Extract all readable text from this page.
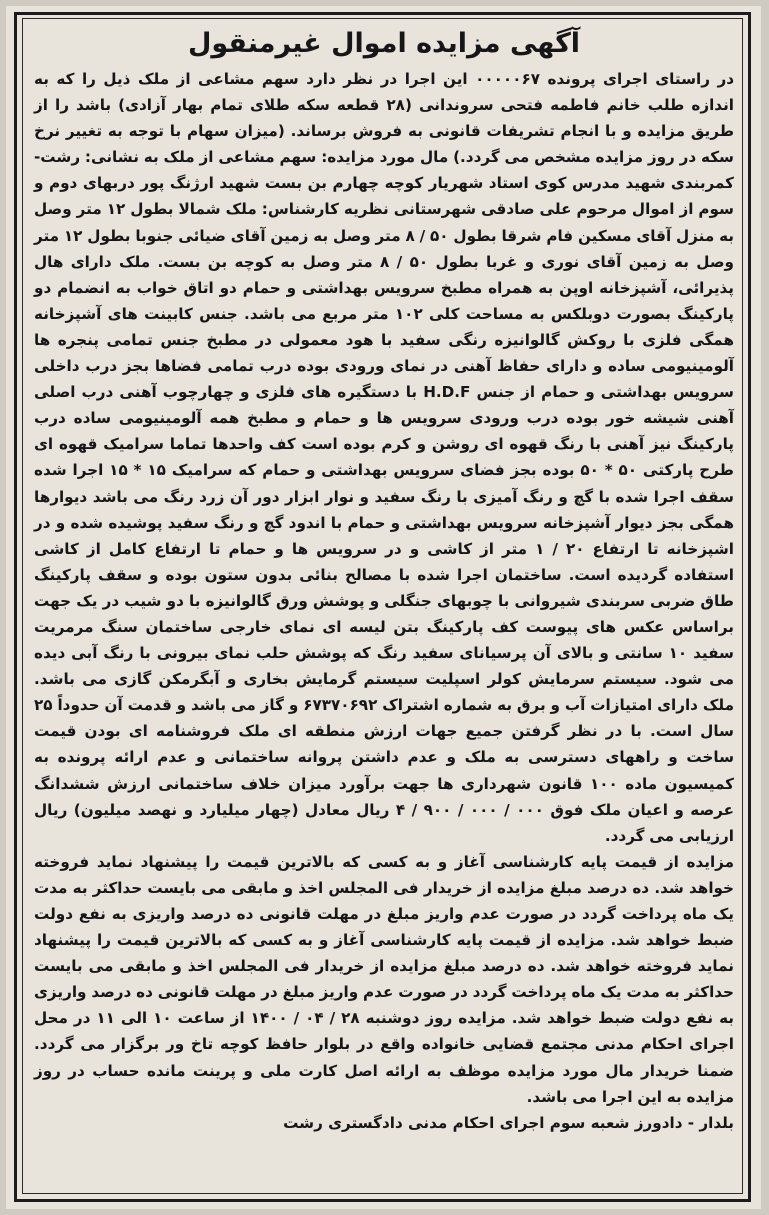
آگهی مزایده اموال غیرمنقول

در راستای اجرای پرونده ۰۰۰۰۰۶۷ این اجرا در نظر دارد سهم مشاعی از ملک ذیل را که به اندازه طلب خانم فاطمه فتحی سروندانی (۲۸ قطعه سکه طلای تمام بهار آزادی) باشد را از طریق مزایده و با انجام تشریفات قانونی به فروش برساند. (میزان سهام با توجه به تغییر نرخ سکه در روز مزایده مشخص می گردد.) مال مورد مزایده: سهم مشاعی از ملک به نشانی: رشت- کمربندی شهید مدرس کوی استاد شهریار کوچه چهارم بن بست شهید ارژنگ پور دربهای دوم و سوم از اموال مرحوم علی صادقی شهرستانی نظریه کارشناس: ملک شمالا بطول ۱۲ متر وصل به منزل آقای مسکین فام شرقا بطول ۵۰ / ۸ متر وصل به زمین آقای ضیائی جنوبا بطول ۱۲ متر وصل به زمین آقای نوری و غربا بطول ۵۰ / ۸ متر وصل به کوچه بن بست. ملک دارای هال پذیرائی، آشپزخانه اوپن به همراه مطبخ سرویس بهداشتی و حمام دو اتاق خواب به انضمام دو پارکینگ بصورت دوبلکس به مساحت کلی ۱۰۲ متر مربع می باشد. جنس کابینت های آشپزخانه همگی فلزی با روکش گالوانیزه رنگی سفید با هود معمولی در مطبخ جنس تمامی پنجره ها آلومینیومی ساده و دارای حفاظ آهنی در نمای ورودی بوده درب تمامی فضاها بجز درب داخلی سرویس بهداشتی و حمام از جنس H.D.F با دستگیره های فلزی و چهارچوب آهنی درب اصلی آهنی شیشه خور بوده درب ورودی سرویس ها و حمام و مطبخ همه آلومینیومی ساده درب پارکینگ نیز آهنی با رنگ قهوه ای روشن و کرم بوده است کف واحدها تماما سرامیک قهوه ای طرح پارکتی ۵۰ * ۵۰ بوده بجز فضای سرویس بهداشتی و حمام که سرامیک ۱۵ * ۱۵ اجرا شده سقف اجرا شده با گچ و رنگ آمیزی با رنگ سفید و نوار ابزار دور آن زرد رنگ می باشد دیوارها همگی بجز دیوار آشپزخانه سرویس بهداشتی و حمام با اندود گچ و رنگ سفید پوشیده شده و در اشپزخانه تا ارتفاع ۲۰ / ۱ متر از کاشی و در سرویس ها و حمام تا ارتفاع کامل از کاشی استفاده گردیده است. ساختمان اجرا شده با مصالح بنائی بدون ستون بوده و سقف پارکینگ طاق ضربی سربندی شیروانی با چوبهای جنگلی و پوشش ورق گالوانیزه با دو شیب در یک جهت براساس عکس های پیوست کف پارکینگ بتن لیسه ای نمای خارجی ساختمان سنگ مرمریت سفید ۱۰ سانتی و بالای آن پرسیانای سفید رنگ که پوشش حلب نمای بیرونی با رنگ آبی دیده می شود. سیستم سرمایش کولر اسپلیت سیستم گرمایش بخاری و آبگرمکن گازی می باشد. ملک دارای امتیازات آب و برق به شماره اشتراک ۶۷۳۷۰۶۹۲ و گاز می باشد و قدمت آن حدوداً ۲۵ سال است. با در نظر گرفتن جمیع جهات ارزش منطقه ای ملک فروشنامه ای بودن قیمت ساخت و راههای دسترسی به ملک و عدم داشتن پروانه ساختمانی و عدم ارائه پرونده به کمیسیون ماده ۱۰۰ قانون شهرداری ها جهت برآورد میزان خلاف ساختمانی ارزش ششدانگ عرصه و اعیان ملک فوق ۰۰۰ / ۰۰۰ / ۹۰۰ / ۴ ریال معادل (چهار میلیارد و نهصد میلیون) ریال ارزیابی می گردد.

مزایده از قیمت پایه کارشناسی آغاز و به کسی که بالاترین قیمت را پیشنهاد نماید فروخته خواهد شد. ده درصد مبلغ مزایده از خریدار فی المجلس اخذ و مابقی می بایست حداکثر به مدت یک ماه پرداخت گردد در صورت عدم واریز مبلغ در مهلت قانونی ده درصد واریزی به نفع دولت ضبط خواهد شد. مزایده از قیمت پایه کارشناسی آغاز و به کسی که بالاترین قیمت را پیشنهاد نماید فروخته خواهد شد. ده درصد مبلغ مزایده از خریدار فی المجلس اخذ و مابقی می بایست حداکثر به مدت یک ماه پرداخت گردد در صورت عدم واریز مبلغ در مهلت قانونی ده درصد واریزی به نفع دولت ضبط خواهد شد. مزایده روز دوشنبه ۲۸ / ۰۴ / ۱۴۰۰ از ساعت ۱۰ الی ۱۱ در محل اجرای احکام مدنی مجتمع قضایی خانواده واقع در بلوار حافظ کوچه تاخ ور برگزار می گردد. ضمنا خریدار مال مورد مزایده موظف به ارائه اصل کارت ملی و پرینت مانده حساب در روز مزایده به این اجرا می باشد.

بلدار - دادورز شعبه سوم اجرای احکام مدنی دادگستری رشت
